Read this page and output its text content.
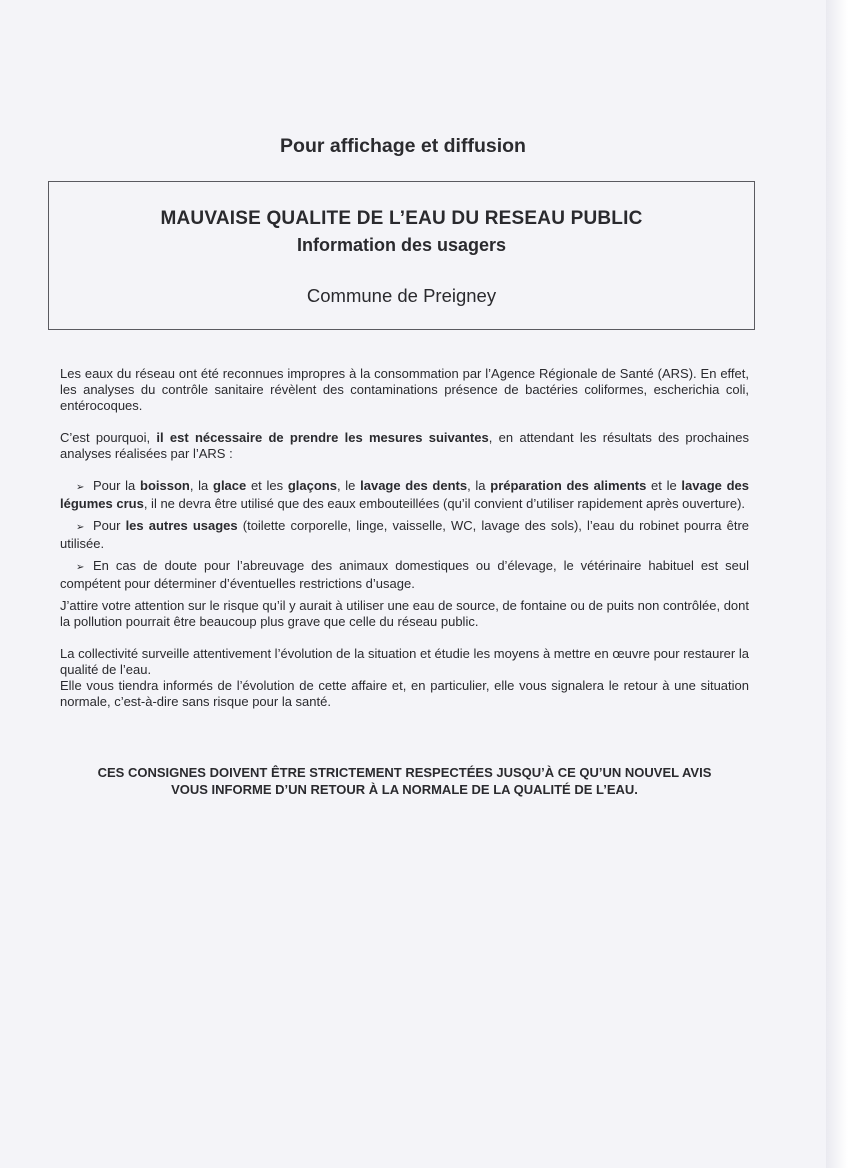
Pour affichage et diffusion
MAUVAISE QUALITE DE L’EAU DU RESEAU PUBLIC
Information des usagers
Commune de Preigney

Les eaux du réseau ont été reconnues impropres à la consommation par l’Agence Régionale de Santé (ARS). En effet, les analyses du contrôle sanitaire révèlent des contaminations présence de bactéries coliformes, escherichia coli, entérocoques.

C’est pourquoi, il est nécessaire de prendre les mesures suivantes, en attendant les résultats des prochaines analyses réalisées par l’ARS :

➢ Pour la boisson, la glace et les glaçons, le lavage des dents, la préparation des aliments et le lavage des légumes crus, il ne devra être utilisé que des eaux embouteillées (qu’il convient d’utiliser rapidement après ouverture).
➢ Pour les autres usages (toilette corporelle, linge, vaisselle, WC, lavage des sols), l’eau du robinet pourra être utilisée.
➢ En cas de doute pour l’abreuvage des animaux domestiques ou d’élevage, le vétérinaire habituel est seul compétent pour déterminer d’éventuelles restrictions d’usage.

J’attire votre attention sur le risque qu’il y aurait à utiliser une eau de source, de fontaine ou de puits non contrôlée, dont la pollution pourrait être beaucoup plus grave que celle du réseau public.

La collectivité surveille attentivement l’évolution de la situation et étudie les moyens à mettre en œuvre pour restaurer la qualité de l’eau.
Elle vous tiendra informés de l’évolution de cette affaire et, en particulier, elle vous signalera le retour à une situation normale, c’est-à-dire sans risque pour la santé.

CES CONSIGNES DOIVENT ÊTRE STRICTEMENT RESPECTÉES JUSQU’À CE QU’UN NOUVEL AVIS
VOUS INFORME D’UN RETOUR À LA NORMALE DE LA QUALITÉ DE L’EAU.
